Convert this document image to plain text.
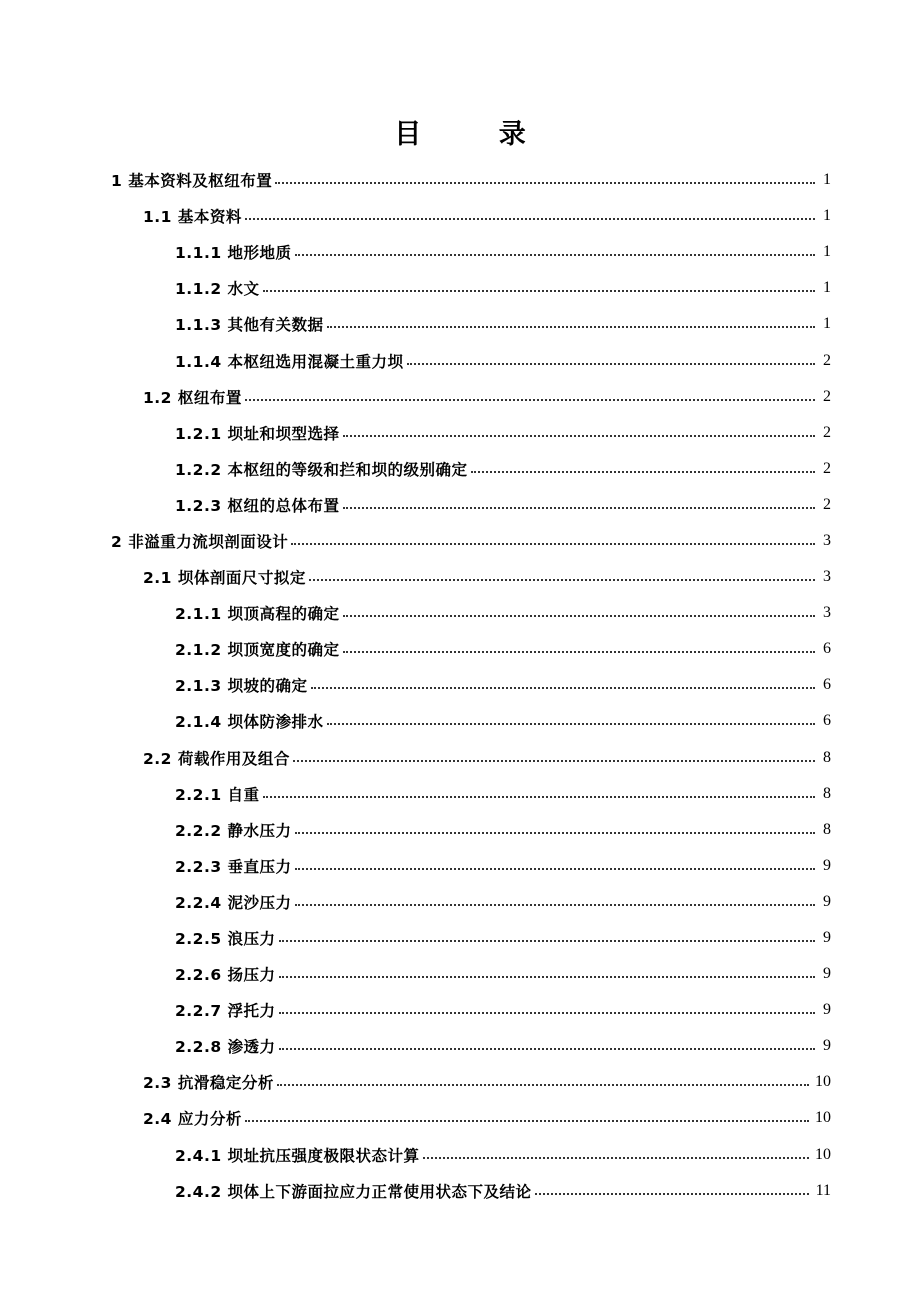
目 录
1 基本资料及枢纽布置	1
1.1 基本资料	1
1.1.1 地形地质	1
1.1.2 水文	1
1.1.3 其他有关数据	1
1.1.4 本枢纽选用混凝土重力坝	2
1.2 枢纽布置	2
1.2.1 坝址和坝型选择	2
1.2.2 本枢纽的等级和拦和坝的级别确定	2
1.2.3 枢纽的总体布置	2
2 非溢重力流坝剖面设计	3
2.1 坝体剖面尺寸拟定	3
2.1.1 坝顶高程的确定	3
2.1.2 坝顶宽度的确定	6
2.1.3 坝坡的确定	6
2.1.4 坝体防渗排水	6
2.2 荷载作用及组合	8
2.2.1 自重	8
2.2.2 静水压力	8
2.2.3 垂直压力	9
2.2.4 泥沙压力	9
2.2.5 浪压力	9
2.2.6 扬压力	9
2.2.7 浮托力	9
2.2.8 渗透力	9
2.3 抗滑稳定分析	10
2.4 应力分析	10
2.4.1 坝址抗压强度极限状态计算	10
2.4.2 坝体上下游面拉应力正常使用状态下及结论	11
